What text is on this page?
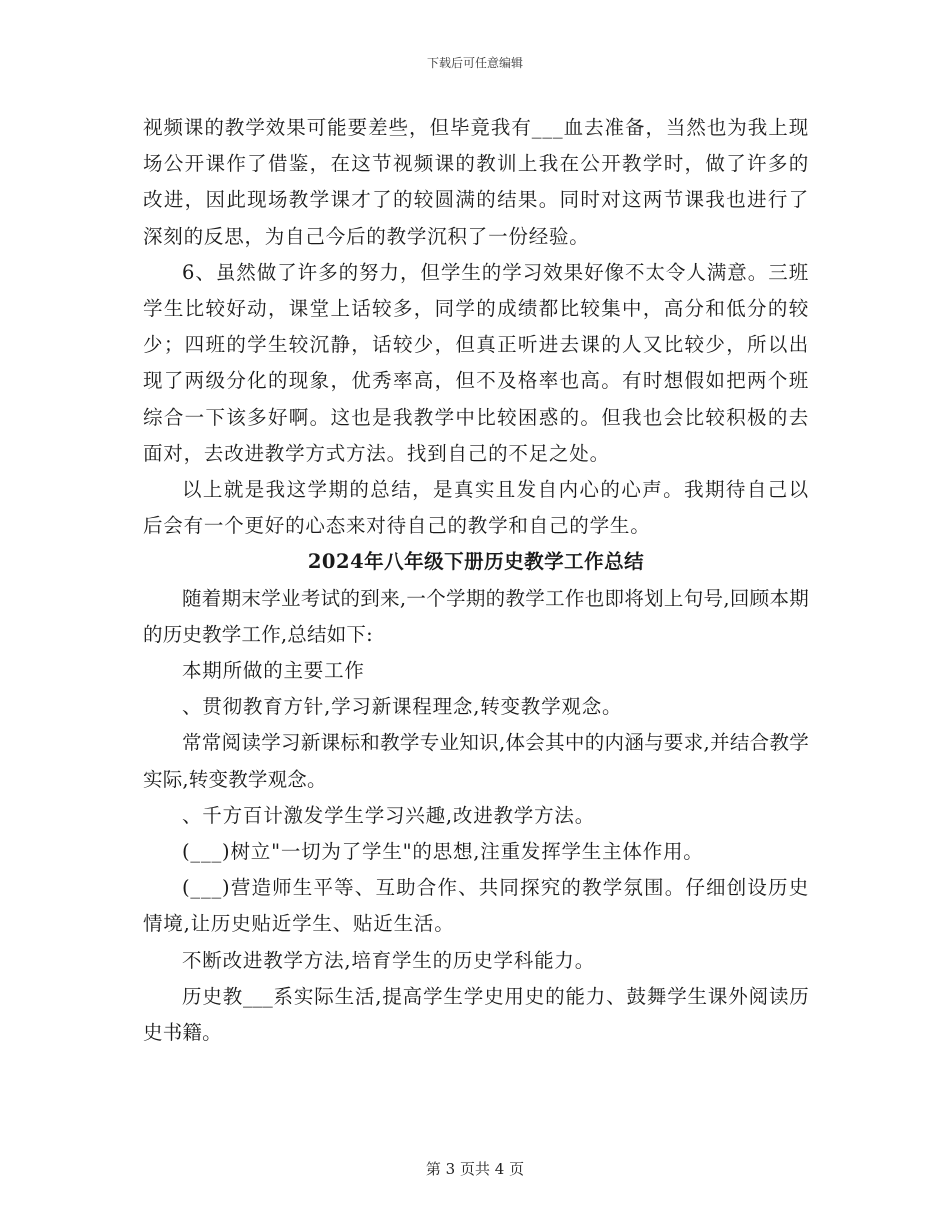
下载后可任意编辑

视频课的教学效果可能要差些，但毕竟我有___血去准备，当然也为我上现场公开课作了借鉴，在这节视频课的教训上我在公开教学时，做了许多的改进，因此现场教学课才了的较圆满的结果。同时对这两节课我也进行了深刻的反思，为自己今后的教学沉积了一份经验。

6、虽然做了许多的努力，但学生的学习效果好像不太令人满意。三班学生比较好动，课堂上话较多，同学的成绩都比较集中，高分和低分的较少；四班的学生较沉静，话较少，但真正听进去课的人又比较少，所以出现了两级分化的现象，优秀率高，但不及格率也高。有时想假如把两个班综合一下该多好啊。这也是我教学中比较困惑的。但我也会比较积极的去面对，去改进教学方式方法。找到自己的不足之处。

以上就是我这学期的总结，是真实且发自内心的心声。我期待自己以后会有一个更好的心态来对待自己的教学和自己的学生。

2024年八年级下册历史教学工作总结

随着期末学业考试的到来,一个学期的教学工作也即将划上句号,回顾本期的历史教学工作,总结如下:

本期所做的主要工作

、贯彻教育方针,学习新课程理念,转变教学观念。

常常阅读学习新课标和教学专业知识,体会其中的内涵与要求,并结合教学实际,转变教学观念。

、千方百计激发学生学习兴趣,改进教学方法。

(___)树立"一切为了学生"的思想,注重发挥学生主体作用。

(___)营造师生平等、互助合作、共同探究的教学氛围。仔细创设历史情境,让历史贴近学生、贴近生活。

不断改进教学方法,培育学生的历史学科能力。

历史教___系实际生活,提高学生学史用史的能力、鼓舞学生课外阅读历史书籍。

第 3 页共 4 页
